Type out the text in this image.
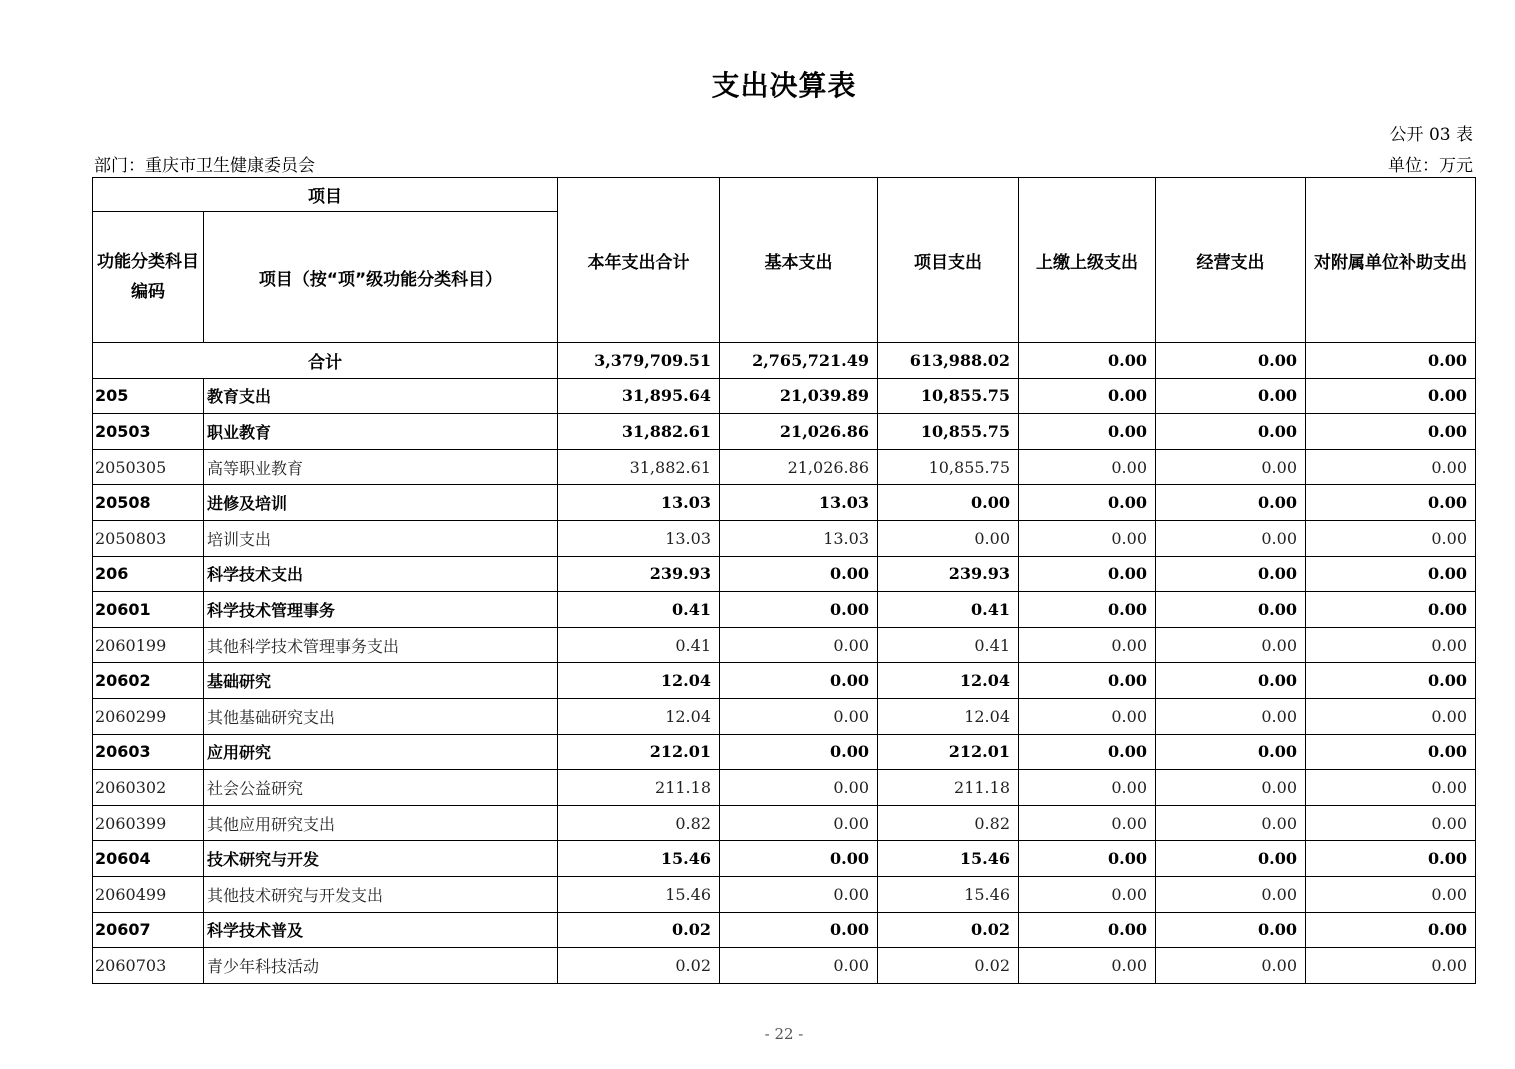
支出决算表
公开 03 表
部门：重庆市卫生健康委员会	单位：万元
项目		本年支出合计	基本支出	项目支出	上缴上级支出	经营支出	对附属单位补助支出
功能分类科目编码	项目（按“项”级功能分类科目）						
合计		3,379,709.51	2,765,721.49	613,988.02	0.00	0.00	0.00
205	教育支出	31,895.64	21,039.89	10,855.75	0.00	0.00	0.00
20503	职业教育	31,882.61	21,026.86	10,855.75	0.00	0.00	0.00
2050305	高等职业教育	31,882.61	21,026.86	10,855.75	0.00	0.00	0.00
20508	进修及培训	13.03	13.03	0.00	0.00	0.00	0.00
2050803	培训支出	13.03	13.03	0.00	0.00	0.00	0.00
206	科学技术支出	239.93	0.00	239.93	0.00	0.00	0.00
20601	科学技术管理事务	0.41	0.00	0.41	0.00	0.00	0.00
2060199	其他科学技术管理事务支出	0.41	0.00	0.41	0.00	0.00	0.00
20602	基础研究	12.04	0.00	12.04	0.00	0.00	0.00
2060299	其他基础研究支出	12.04	0.00	12.04	0.00	0.00	0.00
20603	应用研究	212.01	0.00	212.01	0.00	0.00	0.00
2060302	社会公益研究	211.18	0.00	211.18	0.00	0.00	0.00
2060399	其他应用研究支出	0.82	0.00	0.82	0.00	0.00	0.00
20604	技术研究与开发	15.46	0.00	15.46	0.00	0.00	0.00
2060499	其他技术研究与开发支出	15.46	0.00	15.46	0.00	0.00	0.00
20607	科学技术普及	0.02	0.00	0.02	0.00	0.00	0.00
2060703	青少年科技活动	0.02	0.00	0.02	0.00	0.00	0.00
- 22 -
